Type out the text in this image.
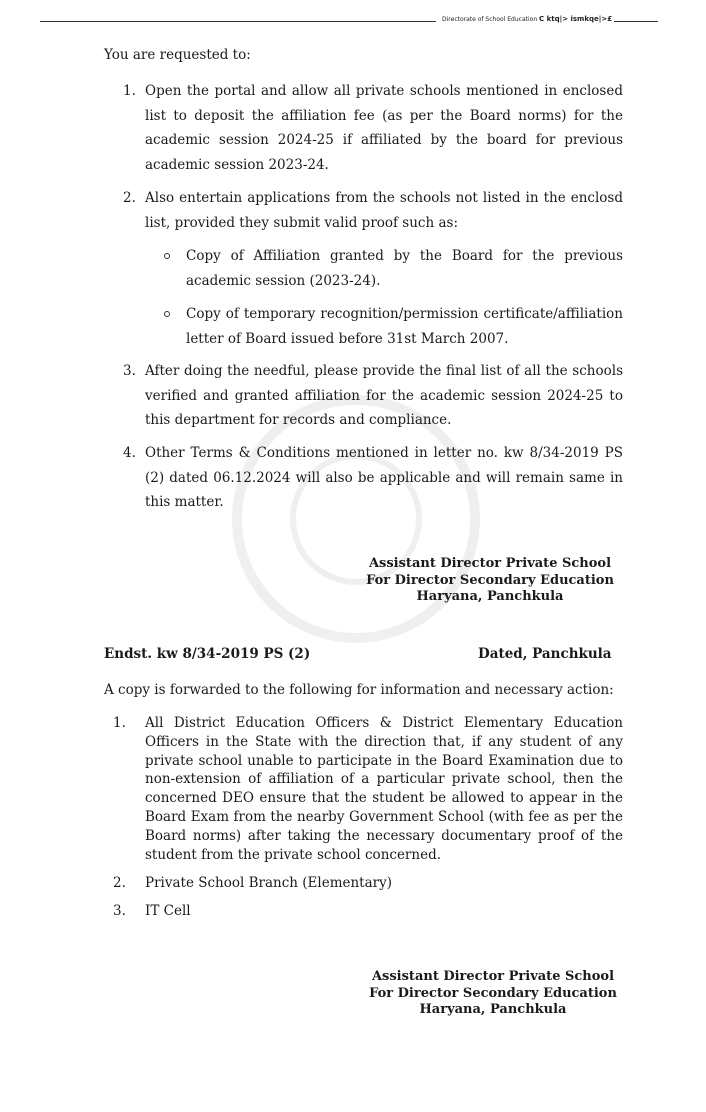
Directorate of School Education C ktq|> ismkqe|>£
You are requested to:
1. Open the portal and allow all private schools mentioned in enclosed list to deposit the affiliation fee (as per the Board norms) for the academic session 2024-25 if affiliated by the board for previous academic session 2023-24.
2. Also entertain applications from the schools not listed in the enclosd list, provided they submit valid proof such as:
Copy of Affiliation granted by the Board for the previous academic session (2023-24).
Copy of temporary recognition/permission certificate/affiliation letter of Board issued before 31st March 2007.
3. After doing the needful, please provide the final list of all the schools verified and granted affiliation for the academic session 2024-25 to this department for records and compliance.
4. Other Terms & Conditions mentioned in letter no. kw 8/34-2019 PS (2) dated 06.12.2024 will also be applicable and will remain same in this matter.
Assistant Director Private School
For Director Secondary Education
Haryana, Panchkula
Endst. kw 8/34-2019 PS (2)	Dated, Panchkula
A copy is forwarded to the following for information and necessary action:
1. All District Education Officers & District Elementary Education Officers in the State with the direction that, if any student of any private school unable to participate in the Board Examination due to non-extension of affiliation of a particular private school, then the concerned DEO ensure that the student be allowed to appear in the Board Exam from the nearby Government School (with fee as per the Board norms) after taking the necessary documentary proof of the student from the private school concerned.
2. Private School Branch (Elementary)
3. IT Cell
Assistant Director Private School
For Director Secondary Education
Haryana, Panchkula
